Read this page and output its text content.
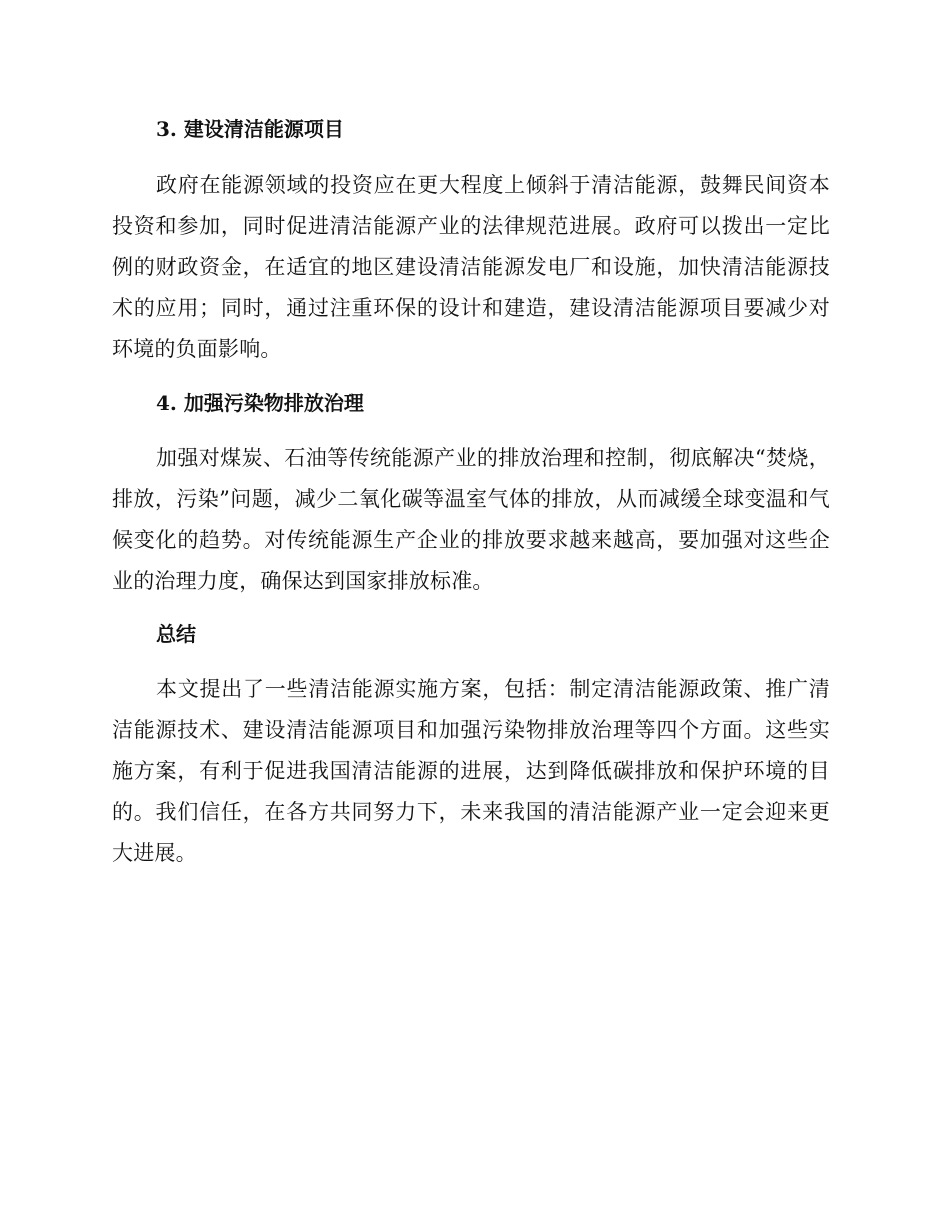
3. 建设清洁能源项目

政府在能源领域的投资应在更大程度上倾斜于清洁能源，鼓舞民间资本投资和参加，同时促进清洁能源产业的法律规范进展。政府可以拨出一定比例的财政资金，在适宜的地区建设清洁能源发电厂和设施，加快清洁能源技术的应用；同时，通过注重环保的设计和建造，建设清洁能源项目要减少对环境的负面影响。

4. 加强污染物排放治理

加强对煤炭、石油等传统能源产业的排放治理和控制，彻底解决“焚烧，排放，污染”问题，减少二氧化碳等温室气体的排放，从而减缓全球变温和气候变化的趋势。对传统能源生产企业的排放要求越来越高，要加强对这些企业的治理力度，确保达到国家排放标准。

总结

本文提出了一些清洁能源实施方案，包括：制定清洁能源政策、推广清洁能源技术、建设清洁能源项目和加强污染物排放治理等四个方面。这些实施方案，有利于促进我国清洁能源的进展，达到降低碳排放和保护环境的目的。我们信任，在各方共同努力下，未来我国的清洁能源产业一定会迎来更大进展。
